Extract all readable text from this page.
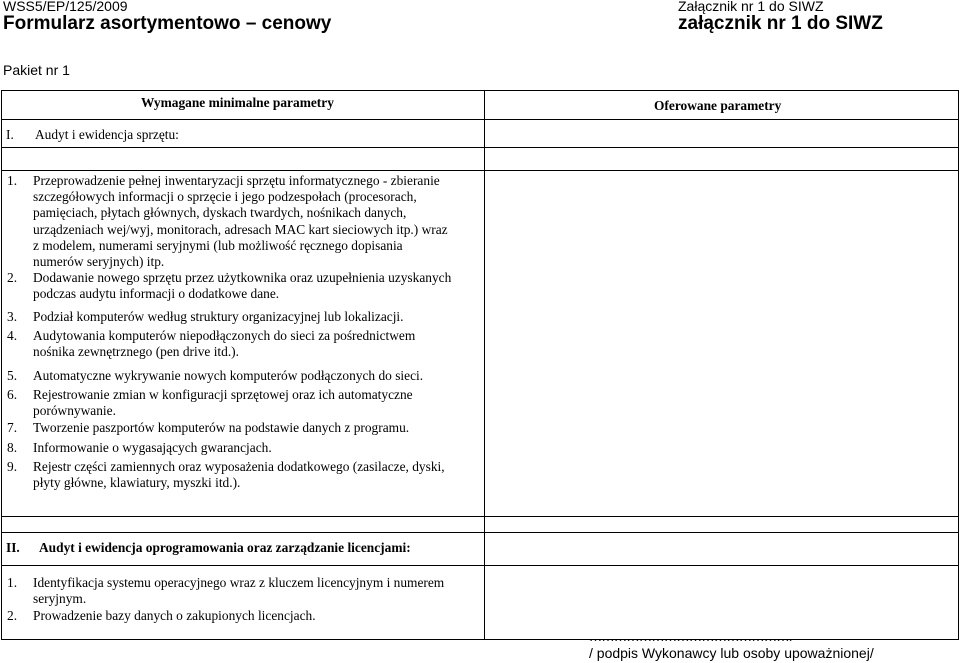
WSS5/EP/125/2009
Formularz asortymentowo – cenowy
Załącznik nr 1 do SIWZ
załącznik nr 1 do SIWZ
Pakiet nr 1
Wymagane minimalne parametry	Oferowane parametry
I. Audyt i ewidencja sprzętu:
1. Przeprowadzenie pełnej inwentaryzacji sprzętu informatycznego - zbieranie
szczegółowych informacji o sprzęcie i jego podzespołach (procesorach,
pamięciach, płytach głównych, dyskach twardych, nośnikach danych,
urządzeniach wej/wyj, monitorach, adresach MAC kart sieciowych itp.) wraz
z modelem, numerami seryjnymi (lub możliwość ręcznego dopisania
numerów seryjnych) itp.
2. Dodawanie nowego sprzętu przez użytkownika oraz uzupełnienia uzyskanych
podczas audytu informacji o dodatkowe dane.
3. Podział komputerów według struktury organizacyjnej lub lokalizacji.
4. Audytowania komputerów niepodłączonych do sieci za pośrednictwem
nośnika zewnętrznego (pen drive itd.).
5. Automatyczne wykrywanie nowych komputerów podłączonych do sieci.
6. Rejestrowanie zmian w konfiguracji sprzętowej oraz ich automatyczne
porównywanie.
7. Tworzenie paszportów komputerów na podstawie danych z programu.
8. Informowanie o wygasających gwarancjach.
9. Rejestr części zamiennych oraz wyposażenia dodatkowego (zasilacze, dyski,
płyty główne, klawiatury, myszki itd.).
II. Audyt i ewidencja oprogramowania oraz zarządzanie licencjami:
1. Identyfikacja systemu operacyjnego wraz z kluczem licencyjnym i numerem
seryjnym.
2. Prowadzenie bazy danych o zakupionych licencjach.
………………………………………….
/ podpis Wykonawcy lub osoby upoważnionej/
